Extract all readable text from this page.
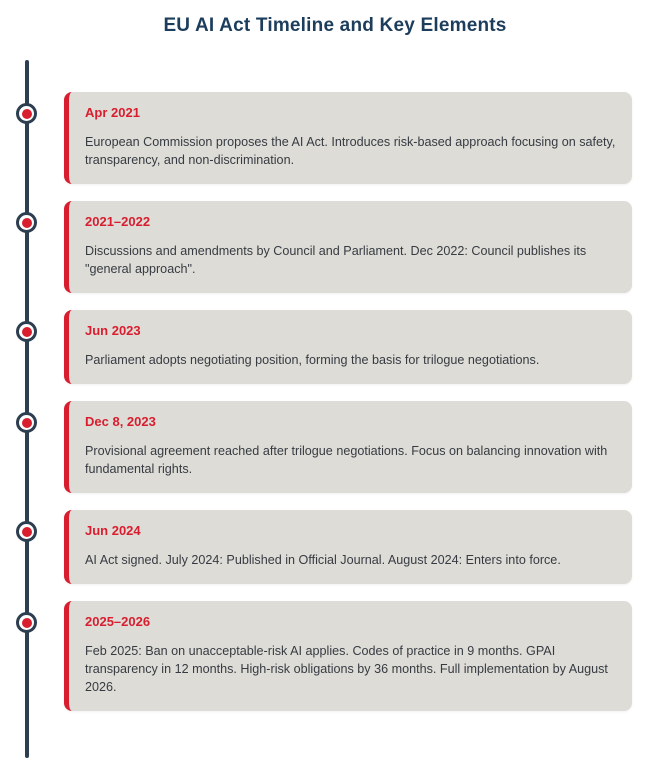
EU AI Act Timeline and Key Elements
Apr 2021
European Commission proposes the AI Act. Introduces risk-based approach focusing on safety, transparency, and non-discrimination.
2021–2022
Discussions and amendments by Council and Parliament. Dec 2022: Council publishes its "general approach".
Jun 2023
Parliament adopts negotiating position, forming the basis for trilogue negotiations.
Dec 8, 2023
Provisional agreement reached after trilogue negotiations. Focus on balancing innovation with fundamental rights.
Jun 2024
AI Act signed. July 2024: Published in Official Journal. August 2024: Enters into force.
2025–2026
Feb 2025: Ban on unacceptable-risk AI applies. Codes of practice in 9 months. GPAI transparency in 12 months. High-risk obligations by 36 months. Full implementation by August 2026.
